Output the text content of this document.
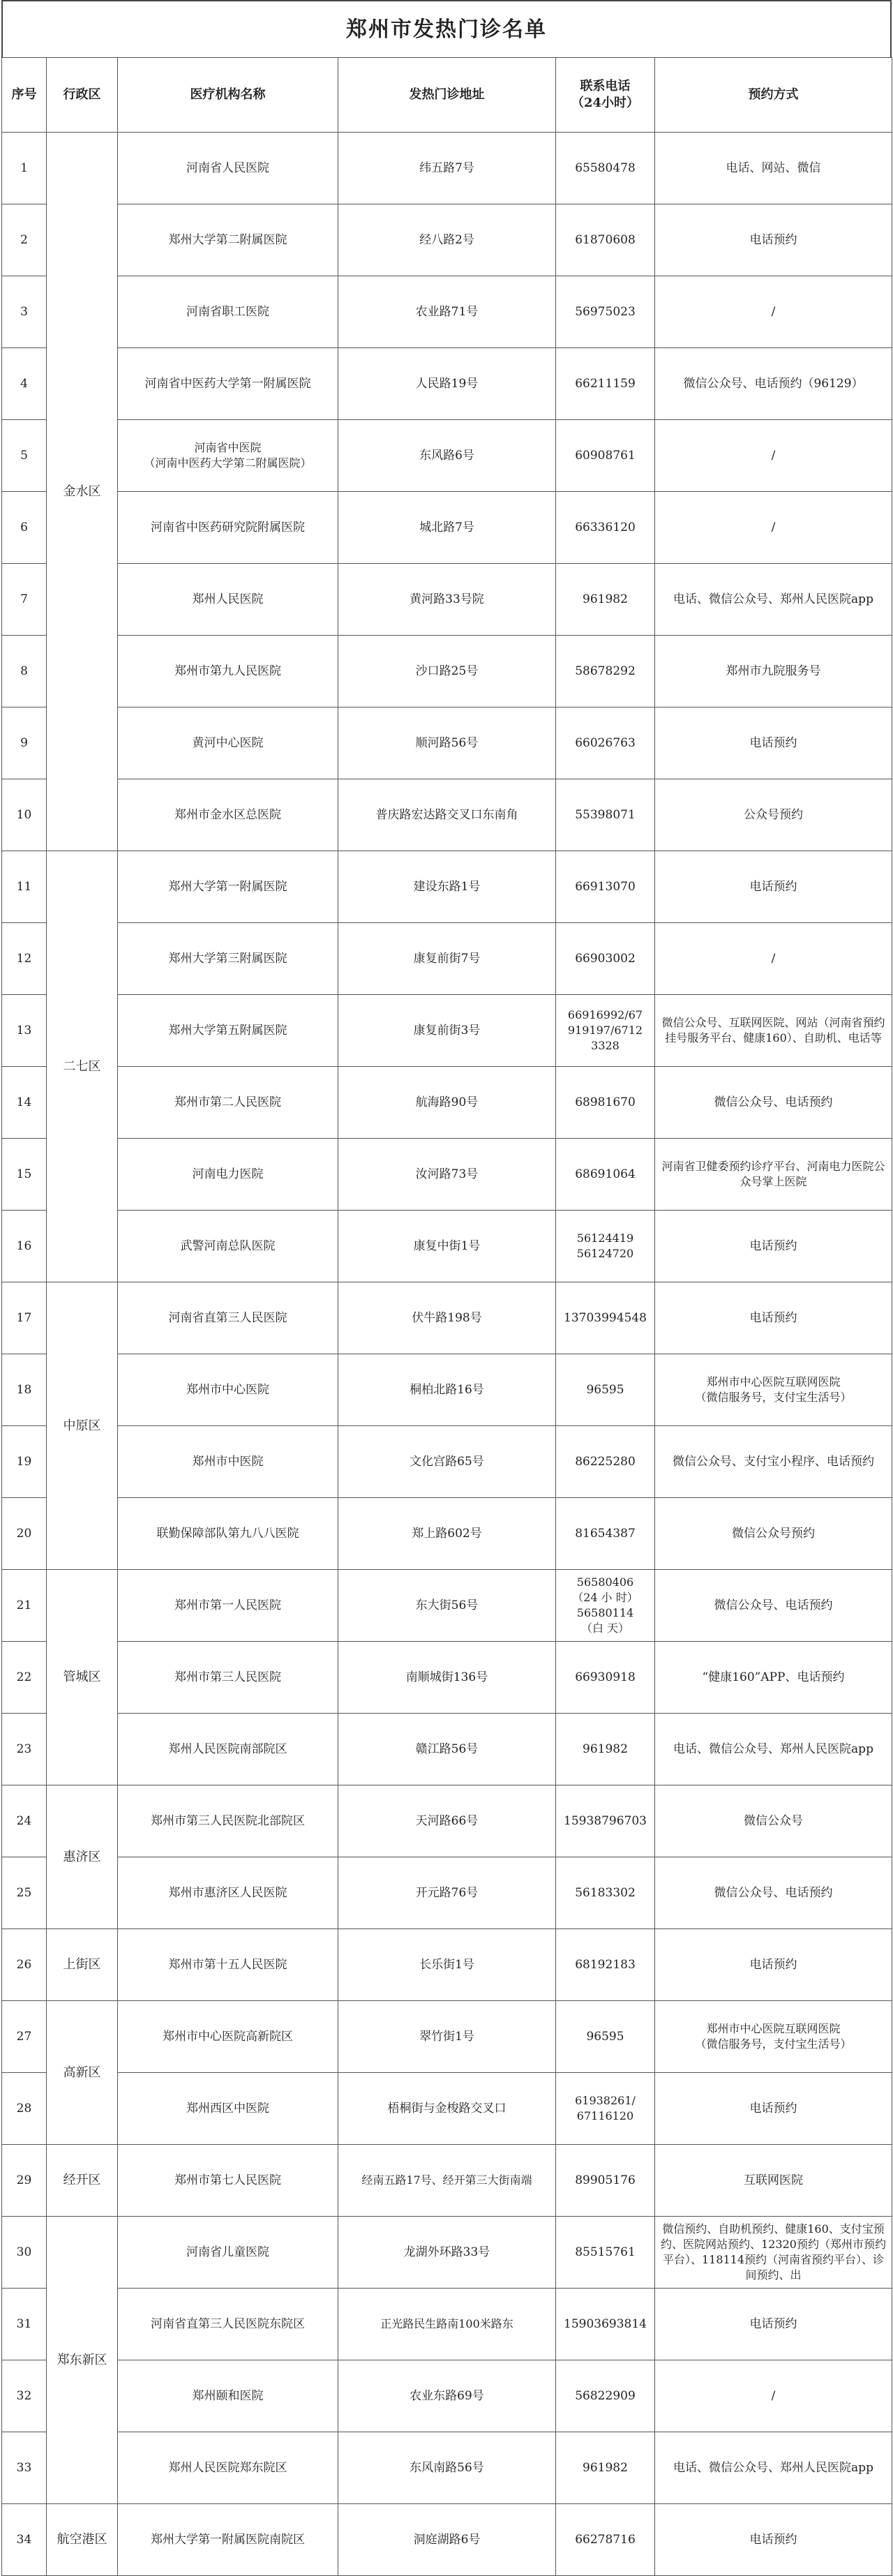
郑州市发热门诊名单
序号	行政区	医疗机构名称	发热门诊地址	联系电话
（24小时）	预约方式
1	金水区	河南省人民医院	纬五路7号	65580478	电话、网站、微信
2		郑州大学第二附属医院	经八路2号	61870608	电话预约
3		河南省职工医院	农业路71号	56975023	/
4		河南省中医药大学第一附属医院	人民路19号	66211159	微信公众号、电话预约（96129）
5		河南省中医院
（河南中医药大学第二附属医院）	东风路6号	60908761	/
6		河南省中医药研究院附属医院	城北路7号	66336120	/
7		郑州人民医院	黄河路33号院	961982	电话、微信公众号、郑州人民医院app
8		郑州市第九人民医院	沙口路25号	58678292	郑州市九院服务号
9		黄河中心医院	顺河路56号	66026763	电话预约
10		郑州市金水区总医院	普庆路宏达路交叉口东南角	55398071	公众号预约
11	二七区	郑州大学第一附属医院	建设东路1号	66913070	电话预约
12		郑州大学第三附属医院	康复前街7号	66903002	/
13		郑州大学第五附属医院	康复前街3号	66916992/67
919197/6712
3328	微信公众号、互联网医院、网站（河南省預约挂号服务平台、健康160）、自助机、电话等
14		郑州市第二人民医院	航海路90号	68981670	微信公众号、电话预约
15		河南电力医院	汝河路73号	68691064	河南省卫健委预约诊疗平台、河南电力医院公众号掌上医院
16		武警河南总队医院	康复中街1号	56124419
56124720	电话预约
17	中原区	河南省直第三人民医院	伏牛路198号	13703994548	电话预约
18		郑州市中心医院	桐柏北路16号	96595	郑州市中心医院互联网医院
（微信服务号，支付宝生活号）
19		郑州市中医院	文化宫路65号	86225280	微信公众号、支付宝小程序、电话预约
20		联勤保障部队第九八八医院	郑上路602号	81654387	微信公众号预约
21	管城区	郑州市第一人民医院	东大街56号	56580406
（24 小 时）
56580114
（白 天）	微信公众号、电话预约
22		郑州市第三人民医院	南顺城街136号	66930918	“健康160”APP、电话预约
23		郑州人民医院南部院区	赣江路56号	961982	电话、微信公众号、郑州人民医院app
24	惠济区	郑州市第三人民医院北部院区	天河路66号	15938796703	微信公众号
25		郑州市惠济区人民医院	开元路76号	56183302	微信公众号、电话预约
26	上街区	郑州市第十五人民医院	长乐街1号	68192183	电话预约
27	高新区	郑州市中心医院高新院区	翠竹街1号	96595	郑州市中心医院互联网医院
（微信服务号，支付宝生活号）
28		郑州西区中医院	梧桐街与金梭路交叉口	61938261/
67116120	电话预约
29	经开区	郑州市第七人民医院	经南五路17号、经开第三大街南端	89905176	互联网医院
30	郑东新区	河南省儿童医院	龙湖外环路33号	85515761	微信预约、自助机预约、健康160、支付宝预约、医院网站预约、12320预约（郑州市预约平台）、118114预约（河南省预约平台）、诊间预约、出
31		河南省直第三人民医院东院区	正光路民生路南100米路东	15903693814	电话预约
32		郑州颐和医院	农业东路69号	56822909	/
33		郑州人民医院郑东院区	东风南路56号	961982	电话、微信公众号、郑州人民医院app
34	航空港区	郑州大学第一附属医院南院区	洞庭湖路6号	66278716	电话预约
